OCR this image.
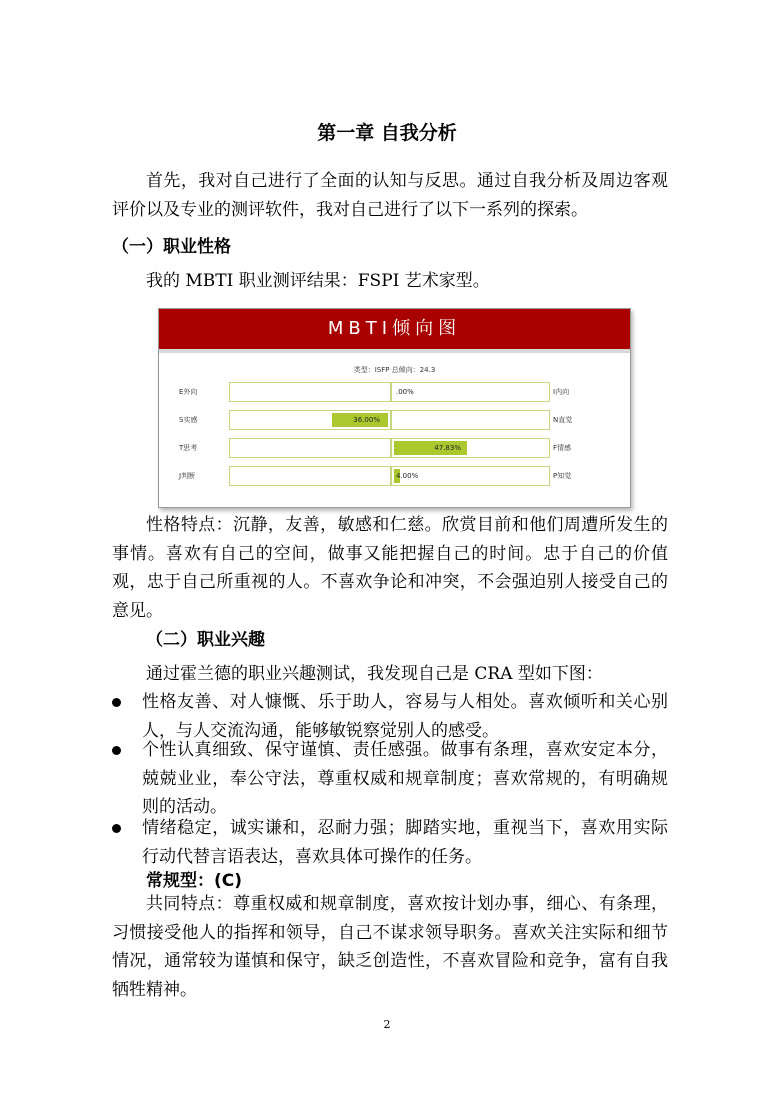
第一章 自我分析

首先，我对自己进行了全面的认知与反思。通过自我分析及周边客观评价以及专业的测评软件，我对自己进行了以下一系列的探索。

（一）职业性格

我的 MBTI 职业测评结果：FSPI 艺术家型。

MBTI倾向图
类型：ISFP 总倾向：24.3
E外向	.00%	I内向
S实感	36.00%	N直觉
T思考	47.83%	F情感
J判断	4.00%	P知觉

性格特点：沉静，友善，敏感和仁慈。欣赏目前和他们周遭所发生的事情。喜欢有自己的空间，做事又能把握自己的时间。忠于自己的价值观，忠于自己所重视的人。不喜欢争论和冲突，不会强迫别人接受自己的意见。

（二）职业兴趣

通过霍兰德的职业兴趣测试，我发现自己是 CRA 型如下图：

性格友善、对人慷慨、乐于助人，容易与人相处。喜欢倾听和关心别人，与人交流沟通，能够敏锐察觉别人的感受。
个性认真细致、保守谨慎、责任感强。做事有条理，喜欢安定本分，兢兢业业，奉公守法，尊重权威和规章制度；喜欢常规的，有明确规则的活动。
情绪稳定，诚实谦和，忍耐力强；脚踏实地，重视当下，喜欢用实际行动代替言语表达，喜欢具体可操作的任务。

常规型：(C)

共同特点：尊重权威和规章制度，喜欢按计划办事，细心、有条理，习惯接受他人的指挥和领导，自己不谋求领导职务。喜欢关注实际和细节情况，通常较为谨慎和保守，缺乏创造性，不喜欢冒险和竞争，富有自我牺牲精神。

2
